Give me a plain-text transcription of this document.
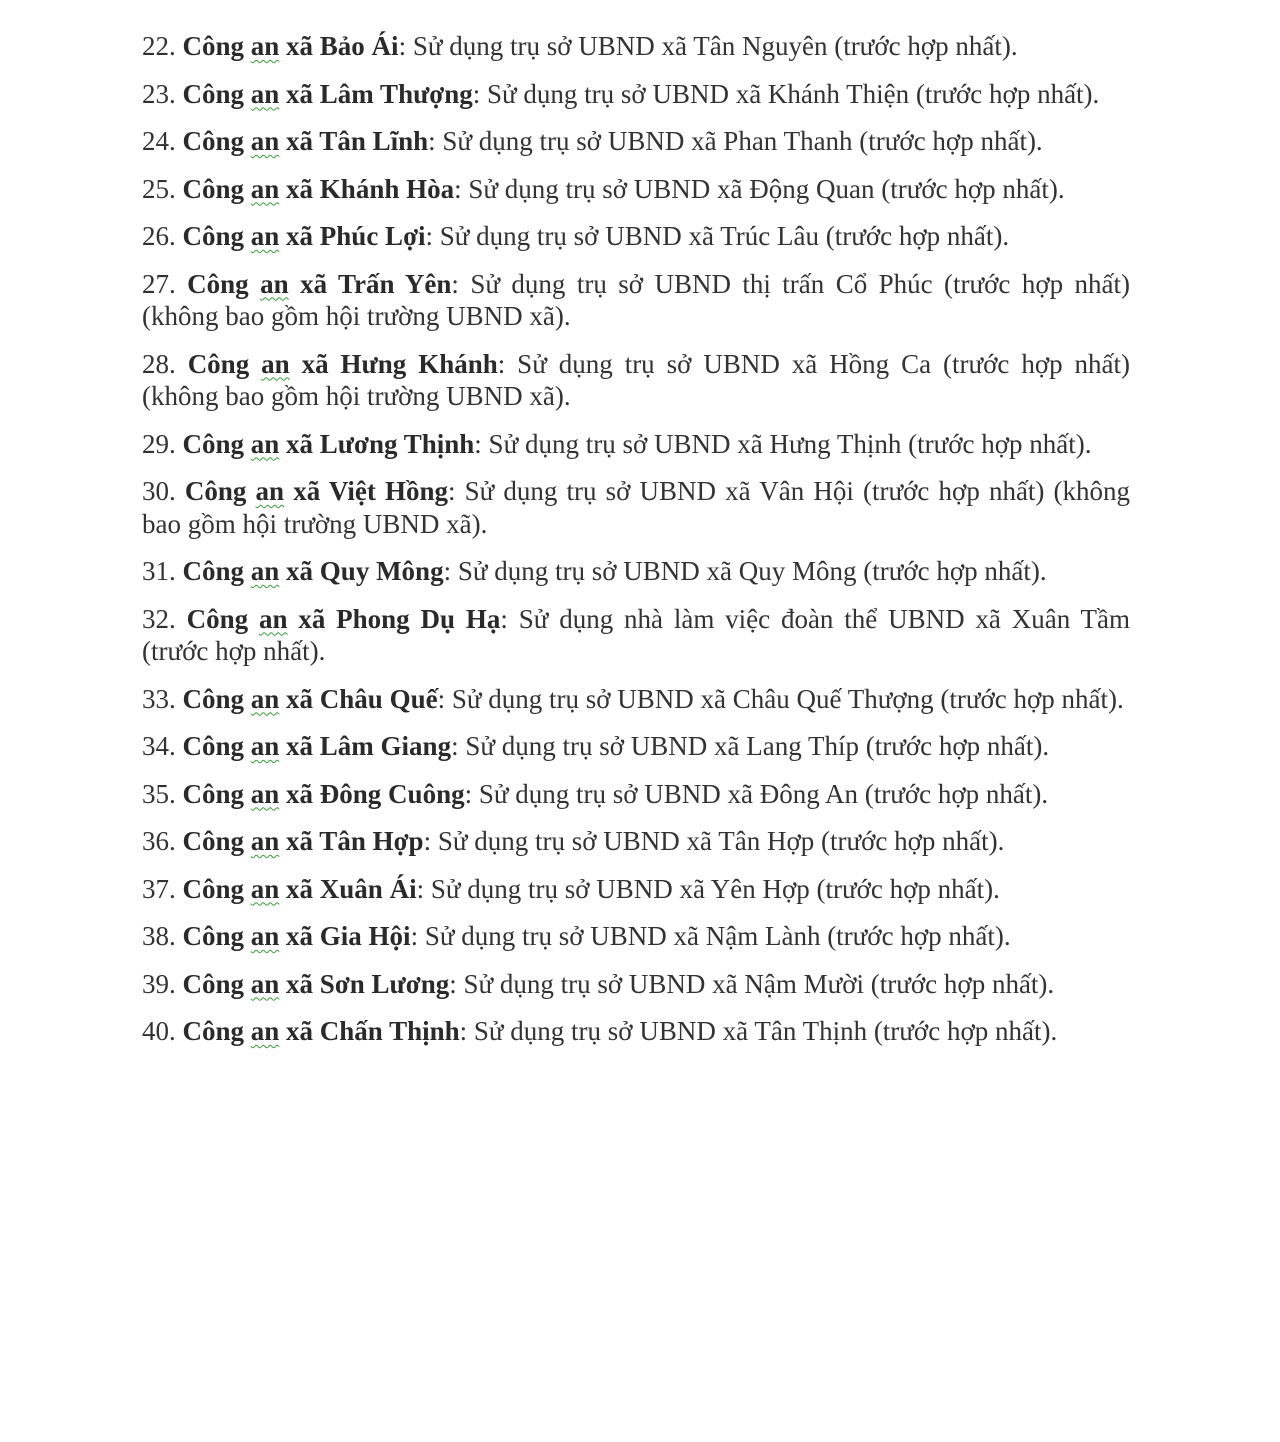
22. Công an xã Bảo Ái: Sử dụng trụ sở UBND xã Tân Nguyên (trước hợp nhất).

23. Công an xã Lâm Thượng: Sử dụng trụ sở UBND xã Khánh Thiện (trước hợp nhất).

24. Công an xã Tân Lĩnh: Sử dụng trụ sở UBND xã Phan Thanh (trước hợp nhất).

25. Công an xã Khánh Hòa: Sử dụng trụ sở UBND xã Động Quan (trước hợp nhất).

26. Công an xã Phúc Lợi: Sử dụng trụ sở UBND xã Trúc Lâu (trước hợp nhất).

27. Công an xã Trấn Yên: Sử dụng trụ sở UBND thị trấn Cổ Phúc (trước hợp nhất) (không bao gồm hội trường UBND xã).

28. Công an xã Hưng Khánh: Sử dụng trụ sở UBND xã Hồng Ca (trước hợp nhất) (không bao gồm hội trường UBND xã).

29. Công an xã Lương Thịnh: Sử dụng trụ sở UBND xã Hưng Thịnh (trước hợp nhất).

30. Công an xã Việt Hồng: Sử dụng trụ sở UBND xã Vân Hội (trước hợp nhất) (không bao gồm hội trường UBND xã).

31. Công an xã Quy Mông: Sử dụng trụ sở UBND xã Quy Mông (trước hợp nhất).

32. Công an xã Phong Dụ Hạ: Sử dụng nhà làm việc đoàn thể UBND xã Xuân Tầm (trước hợp nhất).

33. Công an xã Châu Quế: Sử dụng trụ sở UBND xã Châu Quế Thượng (trước hợp nhất).

34. Công an xã Lâm Giang: Sử dụng trụ sở UBND xã Lang Thíp (trước hợp nhất).

35. Công an xã Đông Cuông: Sử dụng trụ sở UBND xã Đông An (trước hợp nhất).

36. Công an xã Tân Hợp: Sử dụng trụ sở UBND xã Tân Hợp (trước hợp nhất).

37. Công an xã Xuân Ái: Sử dụng trụ sở UBND xã Yên Hợp (trước hợp nhất).

38. Công an xã Gia Hội: Sử dụng trụ sở UBND xã Nậm Lành (trước hợp nhất).

39. Công an xã Sơn Lương: Sử dụng trụ sở UBND xã Nậm Mười (trước hợp nhất).

40. Công an xã Chấn Thịnh: Sử dụng trụ sở UBND xã Tân Thịnh (trước hợp nhất).
